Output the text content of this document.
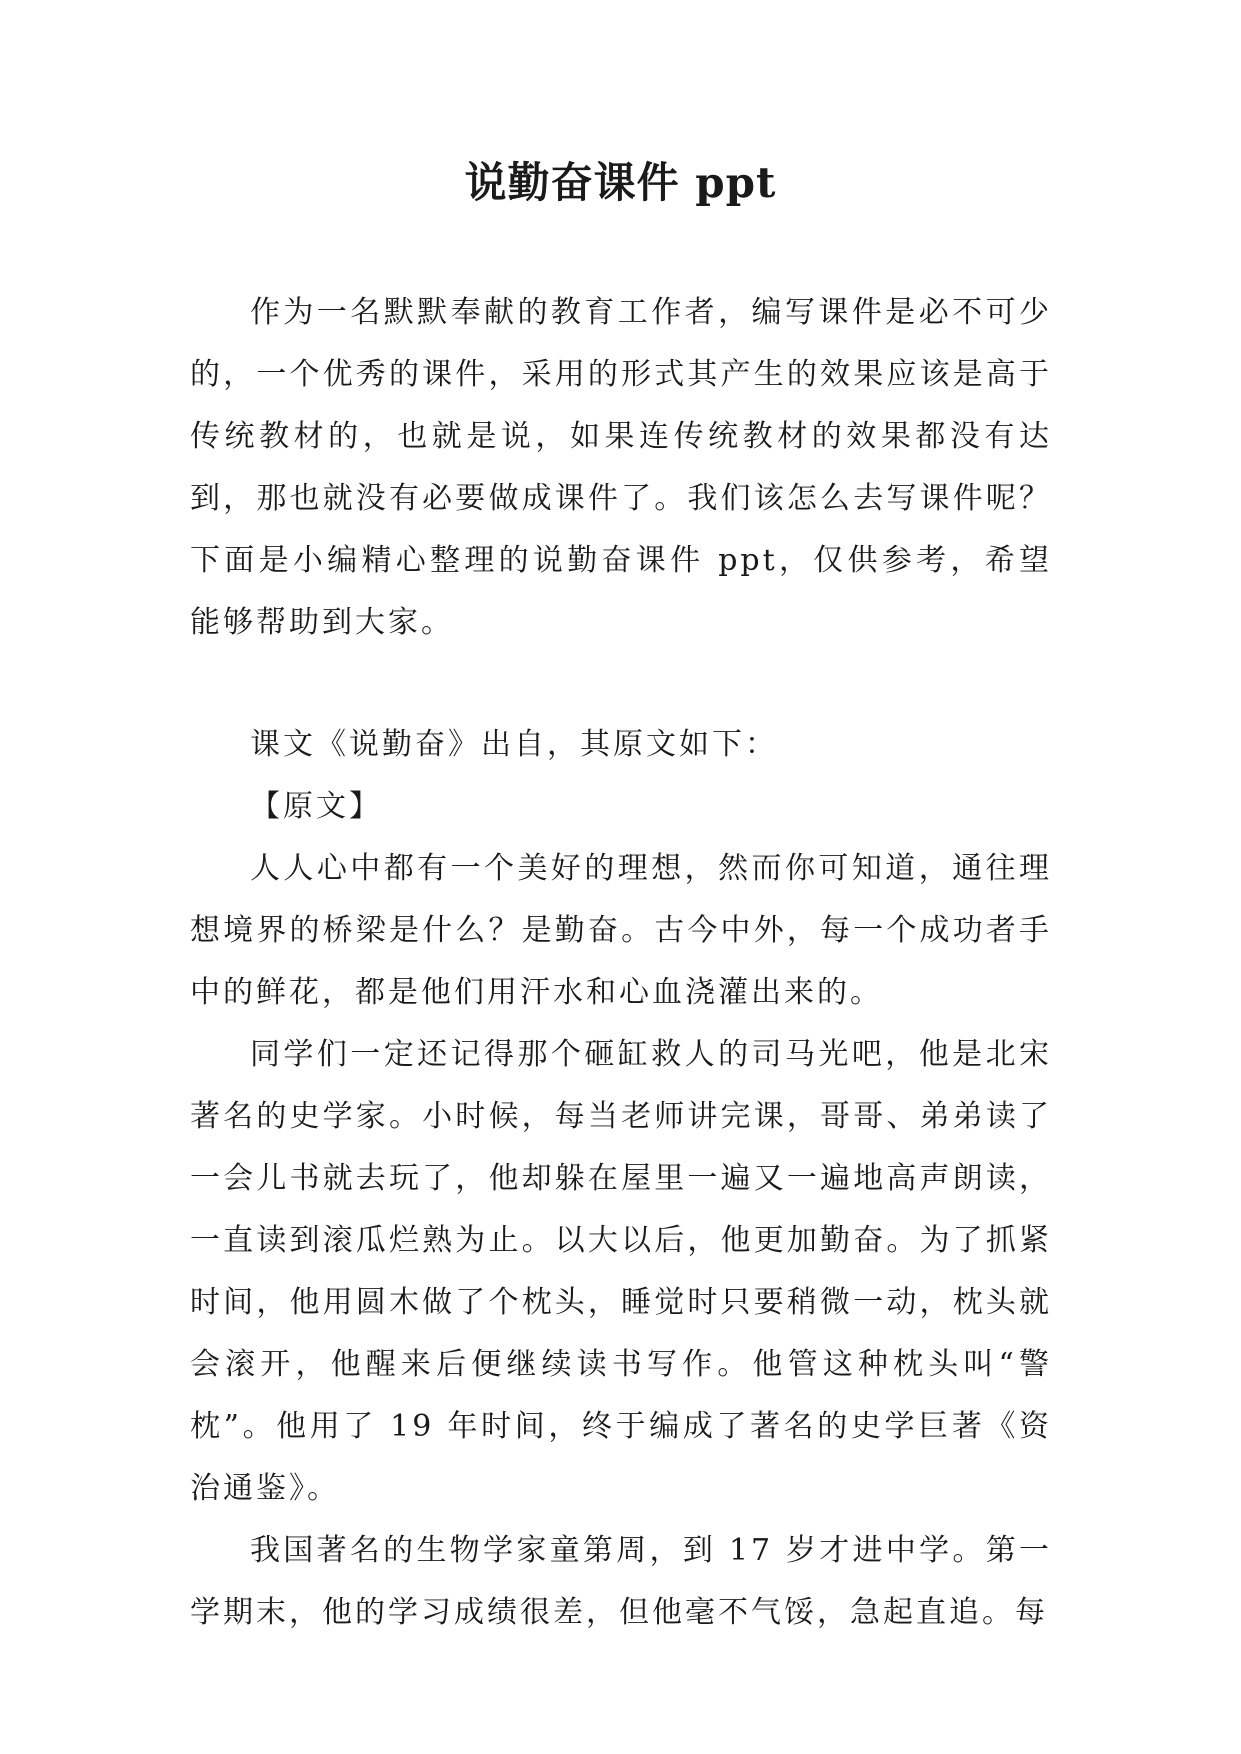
说勤奋课件 ppt

作为一名默默奉献的教育工作者，编写课件是必不可少的，一个优秀的课件，采用的形式其产生的效果应该是高于传统教材的，也就是说，如果连传统教材的效果都没有达到，那也就没有必要做成课件了。我们该怎么去写课件呢？下面是小编精心整理的说勤奋课件 ppt，仅供参考，希望能够帮助到大家。

课文《说勤奋》出自，其原文如下：

【原文】

人人心中都有一个美好的理想，然而你可知道，通往理想境界的桥梁是什么？是勤奋。古今中外，每一个成功者手中的鲜花，都是他们用汗水和心血浇灌出来的。

同学们一定还记得那个砸缸救人的司马光吧，他是北宋著名的史学家。小时候，每当老师讲完课，哥哥、弟弟读了一会儿书就去玩了，他却躲在屋里一遍又一遍地高声朗读，一直读到滚瓜烂熟为止。以大以后，他更加勤奋。为了抓紧时间，他用圆木做了个枕头，睡觉时只要稍微一动，枕头就会滚开，他醒来后便继续读书写作。他管这种枕头叫“警枕”。他用了 19 年时间，终于编成了著名的史学巨著《资治通鉴》。

我国著名的生物学家童第周，到 17 岁才进中学。第一学期末，他的学习成绩很差，但他毫不气馁，急起直追。每
